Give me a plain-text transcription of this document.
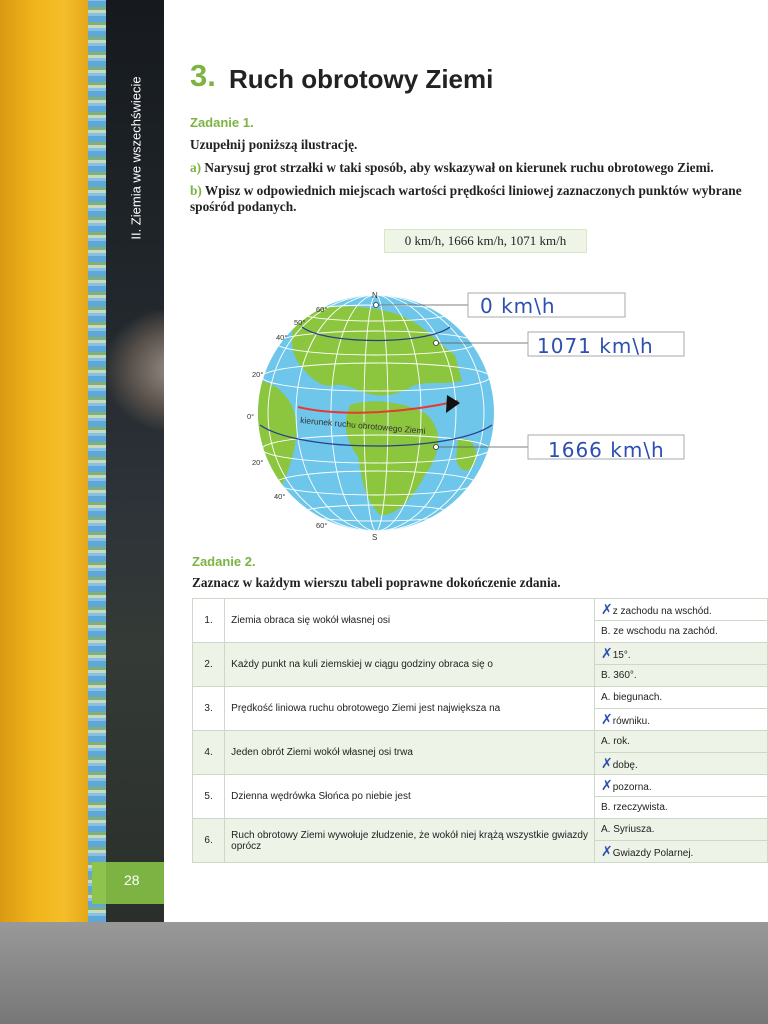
II. Ziemia we wszechświecie
28
3. Ruch obrotowy Ziemi
Zadanie 1.
Uzupełnij poniższą ilustrację.
a) Narysuj grot strzałki w taki sposób, aby wskazywał on kierunek ruchu obrotowego Ziemi.
b) Wpisz w odpowiednich miejscach wartości prędkości liniowej zaznaczonych punktów wybrane spośród podanych.
0 km/h, 1666 km/h, 1071 km/h
kierunek ruchu obrotowego Ziemi
N
S
60°
50°
40°
20°
0°
20°
40°
60°
0 km\h
1071 km\h
1666 km\h
Zadanie 2.
Zaznacz w każdym wierszu tabeli poprawne dokończenie zdania.
1.	Ziemia obraca się wokół własnej osi	✗z zachodu na wschód.
		B. ze wschodu na zachód.
2.	Każdy punkt na kuli ziemskiej w ciągu godziny obraca się o	✗15°.
		B. 360°.
3.	Prędkość liniowa ruchu obrotowego Ziemi jest największa na	A. biegunach.
		✗równiku.
4.	Jeden obrót Ziemi wokół własnej osi trwa	A. rok.
		✗dobę.
5.	Dzienna wędrówka Słońca po niebie jest	✗pozorna.
		B. rzeczywista.
6.	Ruch obrotowy Ziemi wywołuje złudzenie, że wokół niej krążą wszystkie gwiazdy oprócz	A. Syriusza.
		✗Gwiazdy Polarnej.
